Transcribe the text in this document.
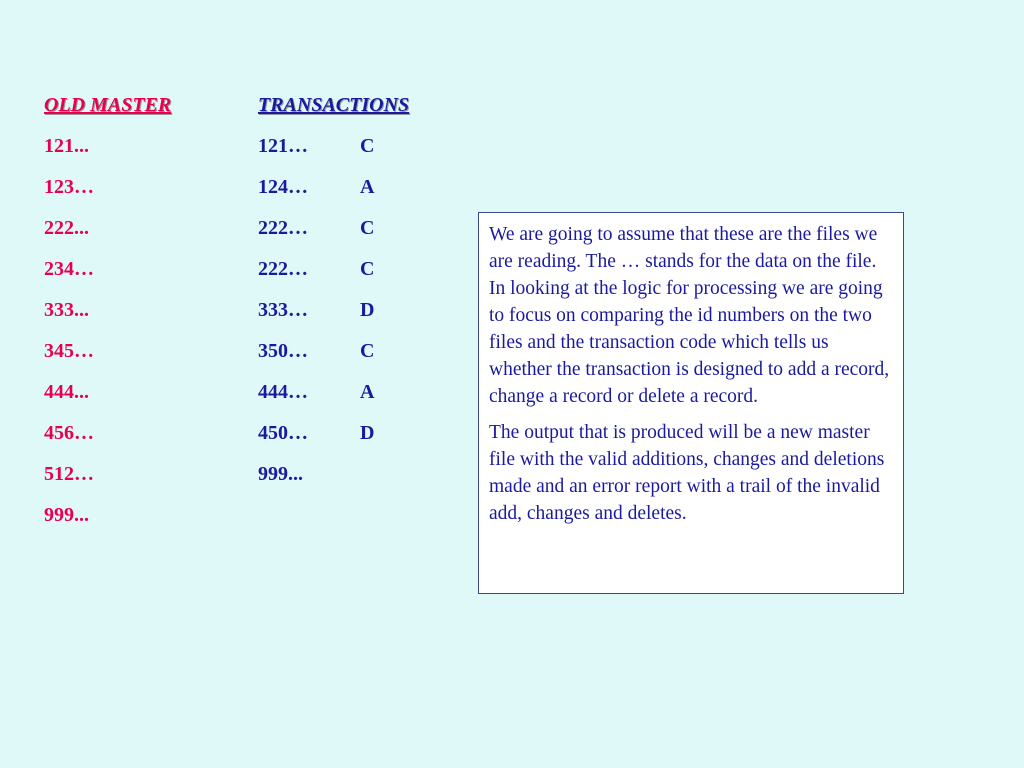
OLD MASTER
121...
123…
222...
234…
333...
345…
444...
456…
512…
999...
TRANSACTIONS
121…	C
124…	A
222…	C
222…	C
333…	D
350…	C
444…	A
450…	D
999...

We are going to assume that these are the files we are reading. The … stands for the data on the file. In looking at the logic for processing we are going to focus on comparing the id numbers on the two files and the transaction code which tells us whether the transaction is designed to add a record, change a record or delete a record.

The output that is produced will be a new master file with the valid additions, changes and deletions made and an error report with a trail of the invalid add, changes and deletes.
